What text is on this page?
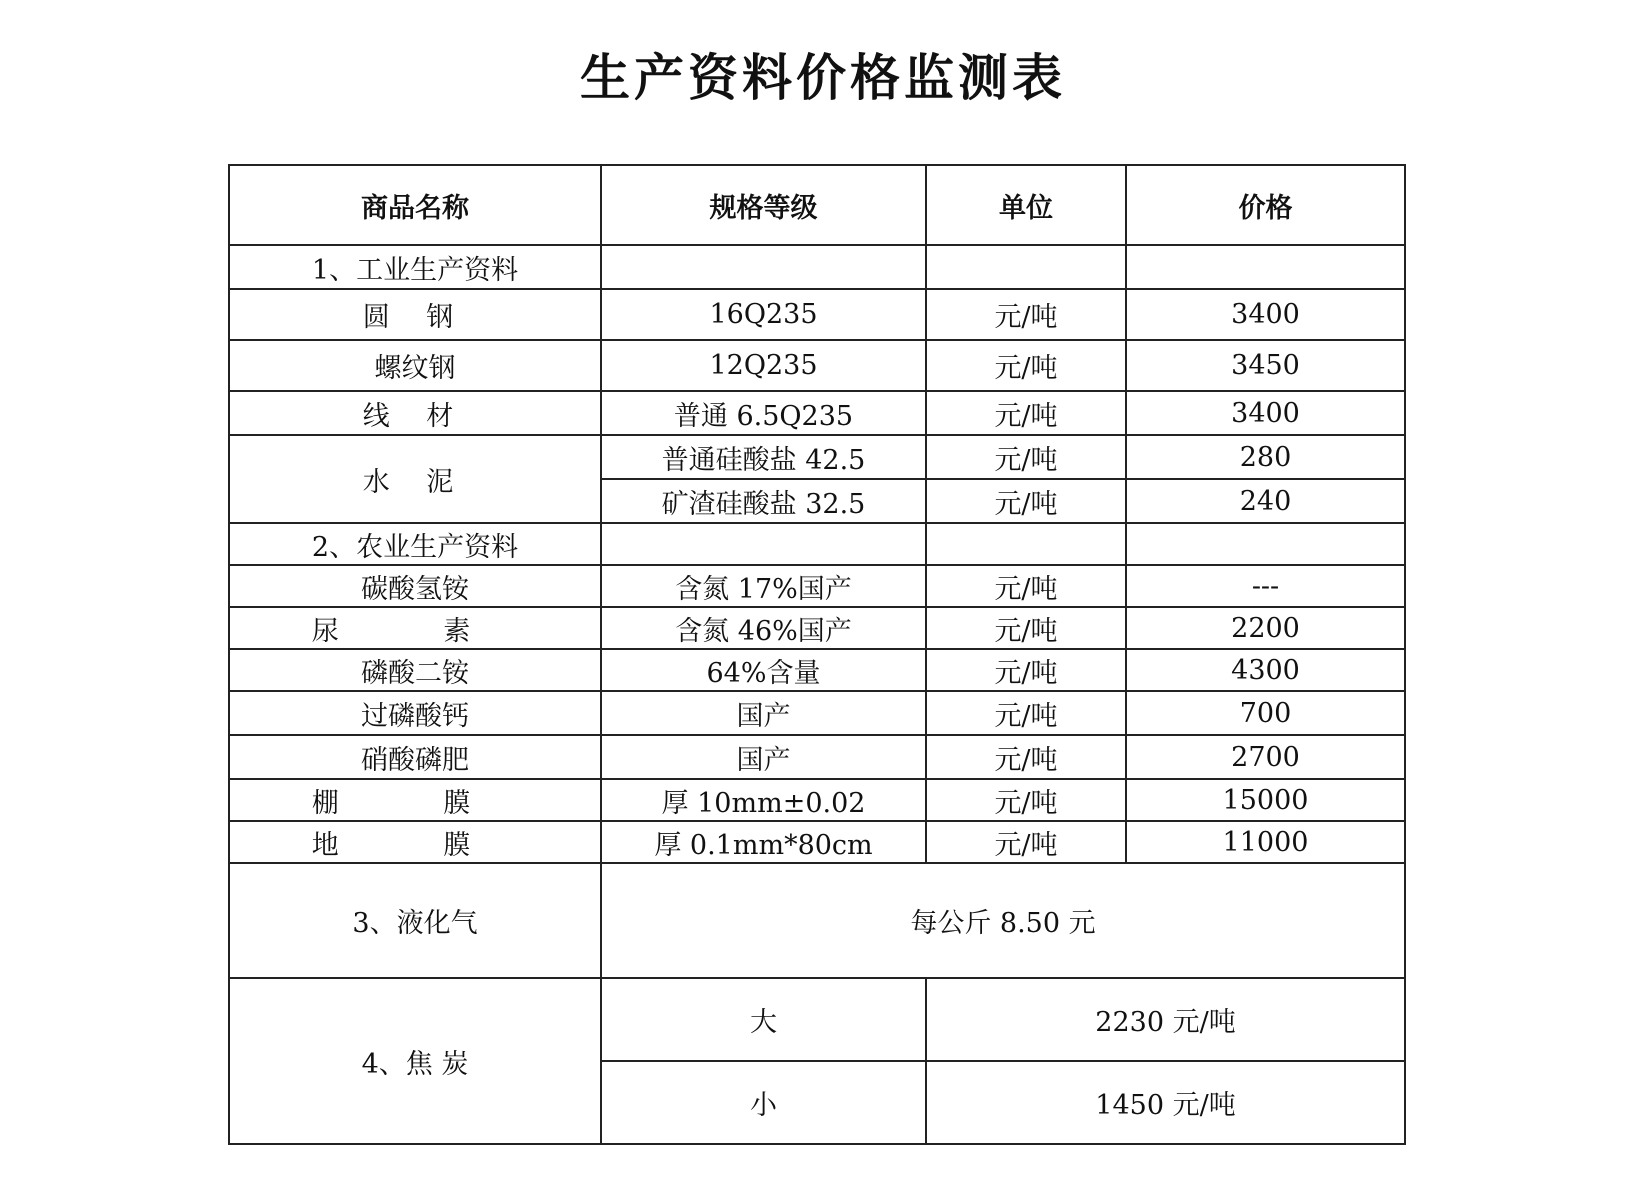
生产资料价格监测表
商品名称	规格等级	单位	价格
1、工业生产资料			
圆 钢	16Q235	元/吨	3400
螺纹钢	12Q235	元/吨	3450
线 材	普通 6.5Q235	元/吨	3400
水 泥	普通硅酸盐 42.5	元/吨	280
	矿渣硅酸盐 32.5	元/吨	240
2、农业生产资料			
碳酸氢铵	含氮 17%国产	元/吨	---
尿 素	含氮 46%国产	元/吨	2200
磷酸二铵	64%含量	元/吨	4300
过磷酸钙	国产	元/吨	700
硝酸磷肥	国产	元/吨	2700
棚 膜	厚 10mm±0.02	元/吨	15000
地 膜	厚 0.1mm*80cm	元/吨	11000
3、液化气	每公斤 8.50 元		
4、焦 炭	大	2230 元/吨	
	小	1450 元/吨	
